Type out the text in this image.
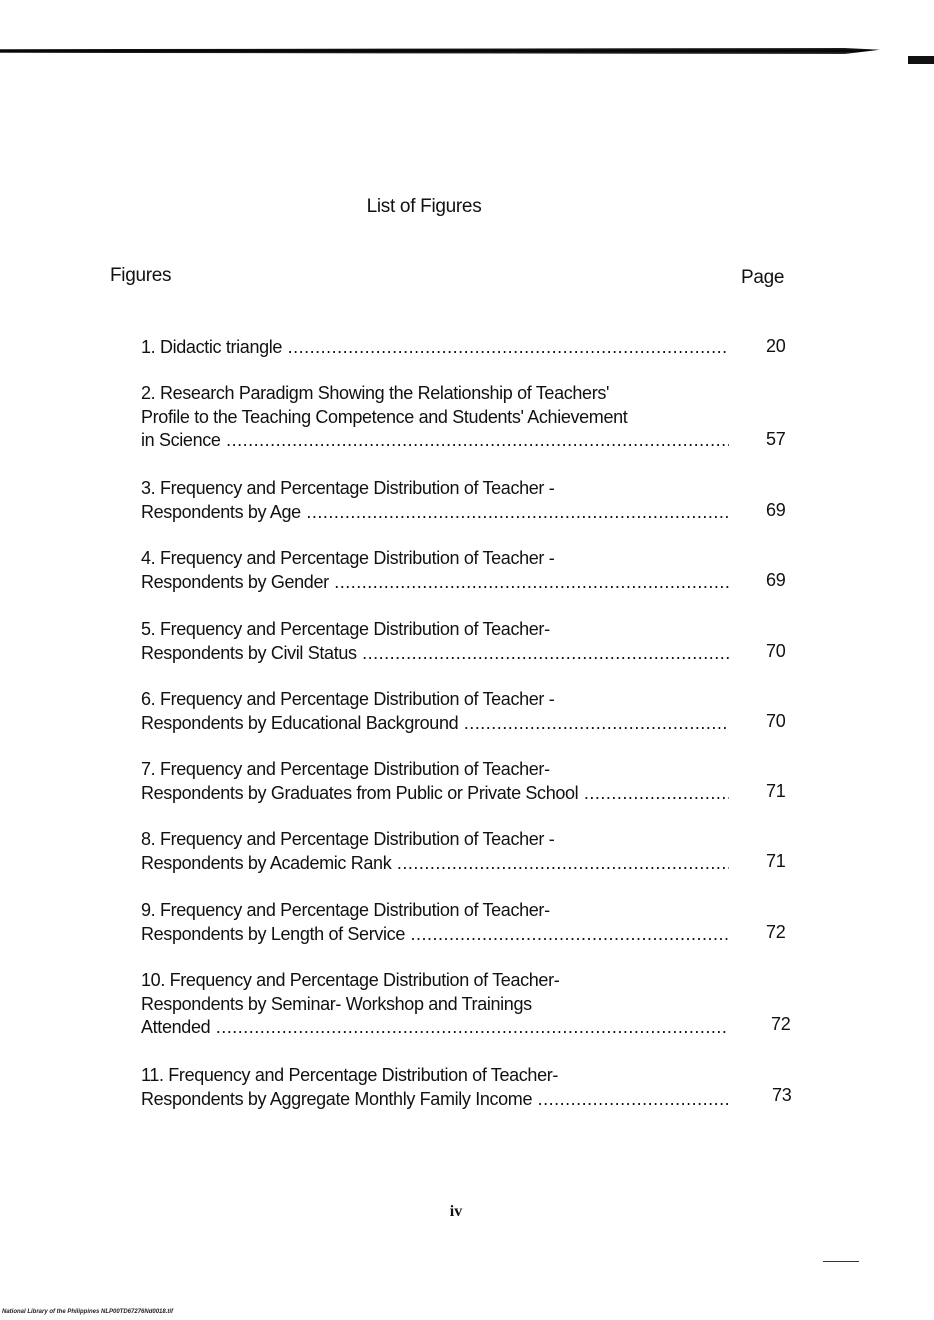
List of Figures
Figures	Page
1. Didactic triangle .....	20
2. Research Paradigm Showing the Relationship of Teachers'
Profile to the Teaching Competence and Students' Achievement
in Science .....	57
3. Frequency and Percentage Distribution of Teacher -
Respondents by Age .....	69
4. Frequency and Percentage Distribution of Teacher -
Respondents by Gender .....	69
5. Frequency and Percentage Distribution of Teacher-
Respondents by Civil Status .....	70
6. Frequency and Percentage Distribution of Teacher -
Respondents by Educational Background .....	70
7. Frequency and Percentage Distribution of Teacher-
Respondents by Graduates from Public or Private School .....	71
8. Frequency and Percentage Distribution of Teacher -
Respondents by Academic Rank .....	71
9. Frequency and Percentage Distribution of Teacher-
Respondents by Length of Service .....	72
10. Frequency and Percentage Distribution of Teacher-
Respondents by Seminar- Workshop and Trainings
Attended .....	72
11. Frequency and Percentage Distribution of Teacher-
Respondents by Aggregate Monthly Family Income .....	73
iv
National Library of the Philippines NLP00TD67276Nd0018.tif
